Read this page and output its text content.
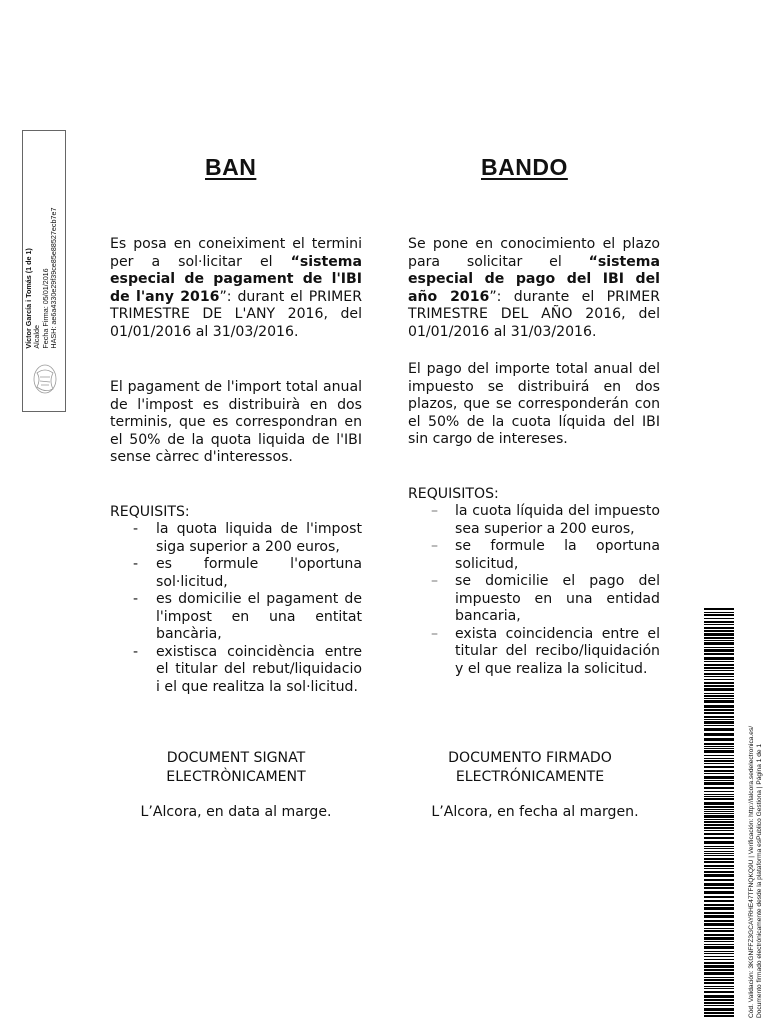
Víctor García i Tomás (1 de 1) Alcalde Fecha Firma: 05/01/2016 HASH: ae6a4330e29f39ce85e88527ecb7e7
BAN	BANDO
Es posa en coneiximent el termini per a sol·licitar el “sistema especial de pagament de l'IBI de l'any 2016”: durant el PRIMER TRIMESTRE DE L'ANY 2016, del 01/01/2016 al 31/03/2016.
El pagament de l'import total anual de l'impost es distribuirà en dos terminis, que es correspondran en el 50% de la quota liquida de l'IBI sense càrrec d'interessos.
REQUISITS:
- la quota liquida de l'impost siga superior a 200 euros,
- es formule l'oportuna sol·licitud,
- es domicilie el pagament de l'impost en una entitat bancària,
- existisca coincidència entre el titular del rebut/liquidacio i el que realitza la sol·licitud.
DOCUMENT SIGNAT ELECTRÒNICAMENT
L’Alcora, en data al marge.
Se pone en conocimiento el plazo para solicitar el “sistema especial de pago del IBI del año 2016”: durante el PRIMER TRIMESTRE DEL AÑO 2016, del 01/01/2016 al 31/03/2016.
El pago del importe total anual del impuesto se distribuirá en dos plazos, que se corresponderán con el 50% de la cuota líquida del IBI sin cargo de intereses.
REQUISITOS:
– la cuota líquida del impuesto sea superior a 200 euros,
– se formule la oportuna solicitud,
– se domicilie el pago del impuesto en una entidad bancaria,
– exista coincidencia entre el titular del recibo/liquidación y el que realiza la solicitud.
DOCUMENTO FIRMADO ELECTRÓNICAMENTE
L’Alcora, en fecha al margen.	Cód. Validación: 3KGNFFZ3GCAYRHE47TFNQKQ9U | Verificación: http://lalcora.sedelectronica.es/ Documento firmado electrónicamente desde la plataforma esPublico Gestiona | Página 1 de 1
